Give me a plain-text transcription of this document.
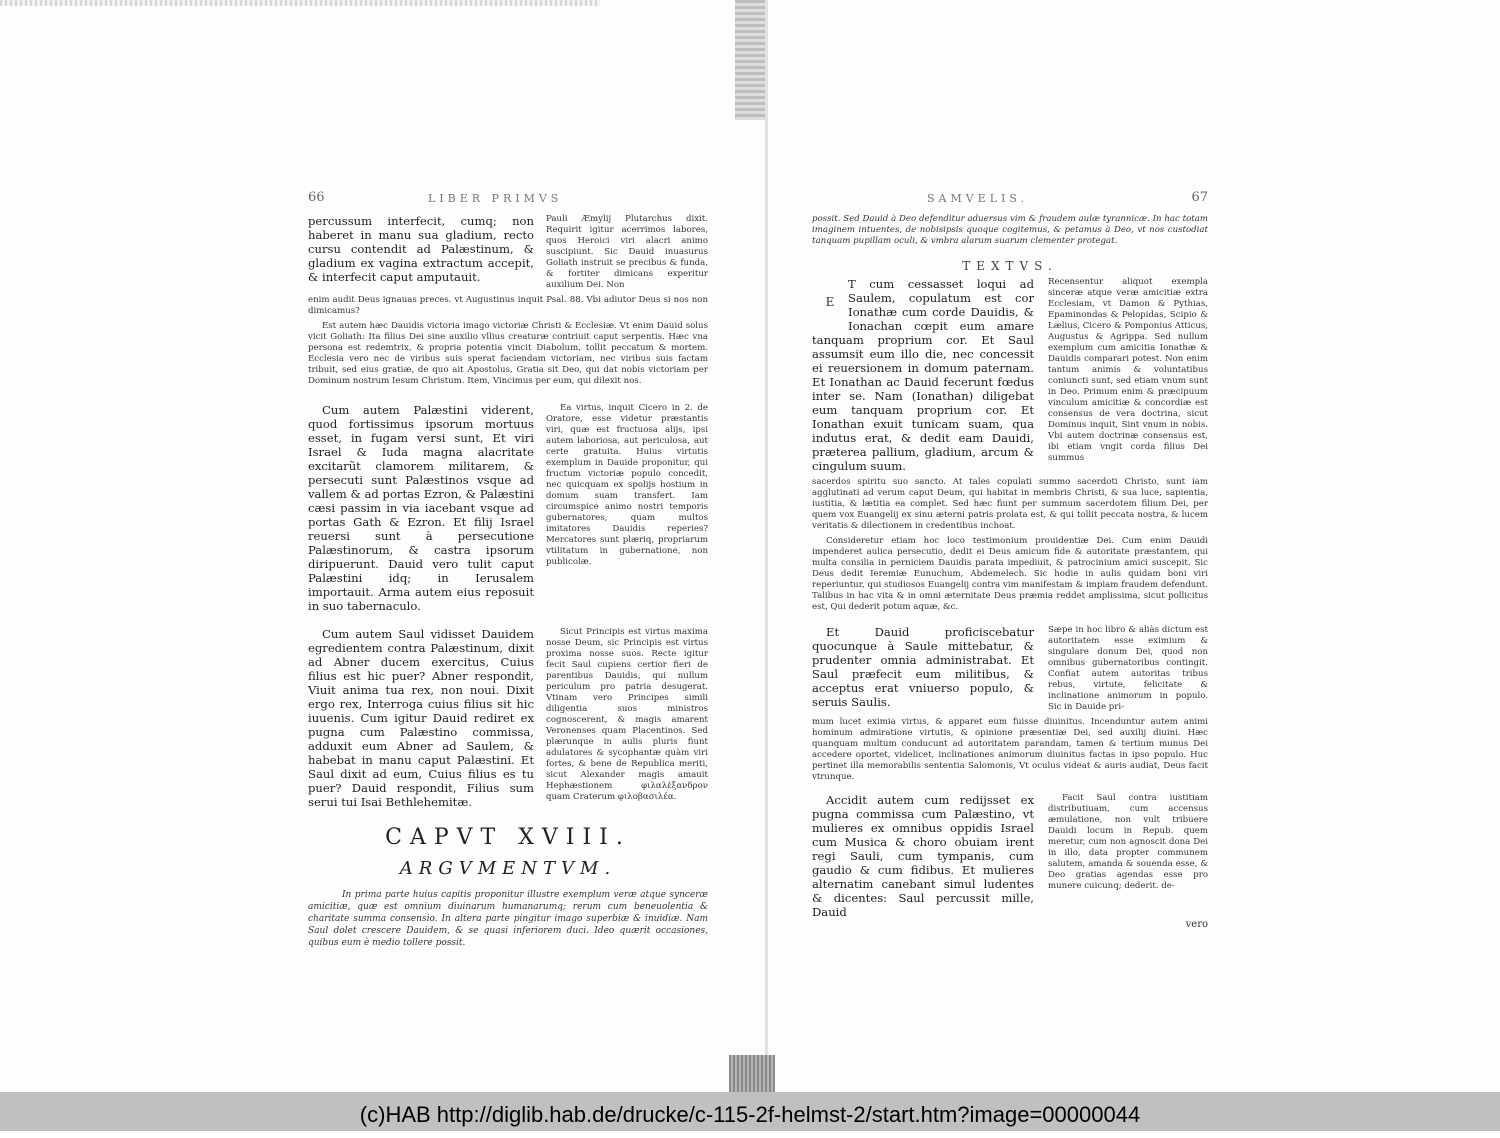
66	LIBER PRIMVS
percussum interfecit, cumq; non haberet in manu sua gladium, recto cursu contendit ad Palæstinum, & gladium ex vagina extractum accepit, & interfecit caput amputauit.
Pauli Æmylij Plutarchus dixit. Requirit igitur acerrimos labores, quos Heroici viri alacri animo suscipiunt. Sic Dauid inuasurus Goliath instruit se precibus & funda, & fortiter dimicans experitur auxilium Dei. Non
enim audit Deus ignauas preces. vt Augustinus inquit Psal. 88. Vbi adiutor Deus si nos non dimicamus?
Est autem hæc Dauidis victoria imago victoriæ Christi & Ecclesiæ. Vt enim Dauid solus vicit Goliath: Ita filius Dei sine auxilio vllius creaturæ contriuit caput serpentis. Hæc vna persona est redemtrix, & propria potentia vincit Diabolum, tollit peccatum & mortem. Ecclesia vero nec de viribus suis sperat faciendam victoriam, nec viribus suis factam tribuit, sed eius gratiæ, de quo ait Apostolus, Gratia sit Deo, qui dat nobis victoriam per Dominum nostrum Iesum Christum. Item, Vincimus per eum, qui dilexit nos.
Cum autem Palæstini viderent, quod fortissimus ipsorum mortuus esset, in fugam versi sunt, Et viri Israel & Iuda magna alacritate excitarũt clamorem militarem, & persecuti sunt Palæstinos vsque ad vallem & ad portas Ezron, & Palæstini cæsi passim in via iacebant vsque ad portas Gath & Ezron. Et filij Israel reuersi sunt à persecutione Palæstinorum, & castra ipsorum diripuerunt. Dauid vero tulit caput Palæstini idq; in Ierusalem importauit. Arma autem eius reposuit in suo tabernaculo.
Ea virtus, inquit Cicero in 2. de Oratore, esse videtur præstantis viri, quæ est fructuosa alijs, ipsi autem laboriosa, aut periculosa, aut certe gratuita. Huius virtutis exemplum in Dauide proponitur, qui fructum victoriæ populo concedit, nec quicquam ex spolijs hostium in domum suam transfert. Iam circumspice animo nostri temporis gubernatores, quam multos imitatores Dauidis reperies? Mercatores sunt plæriq, propriarum vtilitatum in gubernatione, non publicolæ.
Cum autem Saul vidisset Dauidem egredientem contra Palæstinum, dixit ad Abner ducem exercitus, Cuius filius est hic puer? Abner respondit, Viuit anima tua rex, non noui. Dixit ergo rex, Interroga cuius filius sit hic iuuenis. Cum igitur Dauid rediret ex pugna cum Palæstino commissa, adduxit eum Abner ad Saulem, & habebat in manu caput Palæstini. Et Saul dixit ad eum, Cuius filius es tu puer? Dauid respondit, Filius sum serui tui Isai Bethlehemitæ.
Sicut Principis est virtus maxima nosse Deum, sic Principis est virtus proxima nosse suos. Recte igitur fecit Saul cupiens certior fieri de parentibus Dauidis, qui nullum periculum pro patria desugerat. Vtinam vero Principes simili diligentia suos ministros cognoscerent, & magis amarent Veronenses quam Placentinos. Sed plærunque in aulis pluris fiunt adulatores & sycophantæ quàm viri fortes, & bene de Republica meriti, sicut Alexander magis amauit Hephæstionem φιλαλέξανδρον quam Craterum φιλοβασιλέα.
CAPVT XVIII.
ARGVMENTVM.
In prima parte huius capitis proponitur illustre exemplum veræ atque synceræ amicitiæ, quæ est omnium diuinarum humanarumq; rerum cum beneuolentia & charitate summa consensio. In altera parte pingitur imago superbiæ & inuidiæ. Nam Saul dolet crescere Dauidem, & se quasi inferiorem duci. Ideo quærit occasiones, quibus eum è medio tollere possit.
SAMVELIS.	67
possit. Sed Dauid à Deo defenditur aduersus vim & fraudem aulæ tyrannicæ. In hac totam imaginem intuentes, de nobisipsis quoque cogitemus, & petamus à Deo, vt nos custodiat tanquam pupillam oculi, & vmbra alarum suarum clementer protegat.
TEXTVS.
E
T cum cessasset loqui ad Saulem, copulatum est cor Ionathæ cum corde Dauidis, & Ionachan cœpit eum amare tanquam proprium cor. Et Saul assumsit eum illo die, nec concessit ei reuersionem in domum paternam. Et Ionathan ac Dauid fecerunt fœdus inter se. Nam (Ionathan) diligebat eum tanquam proprium cor. Et Ionathan exuit tunicam suam, qua indutus erat, & dedit eam Dauidi, præterea pallium, gladium, arcum & cingulum suum.
Recensentur aliquot exempla sinceræ atque veræ amicitiæ extra Ecclesiam, vt Damon & Pythias, Epaminondas & Pelopidas, Scipio & Lælius, Cicero & Pomponius Atticus, Augustus & Agrippa. Sed nullum exemplum cum amicitia Ionathæ & Dauidis comparari potest. Non enim tantum animis & voluntatibus coniuncti sunt, sed etiam vnum sunt in Deo. Primum enim & præcipuum vinculum amicitiæ & concordiæ est consensus de vera doctrina, sicut Dominus inquit, Sint vnum in nobis. Vbi autem doctrinæ consensus est, ibi etiam vngit corda filius Dei summus
sacerdos spiritu suo sancto. At tales copulati summo sacerdoti Christo, sunt iam agglutinati ad verum caput Deum, qui habitat in membris Christi, & sua luce, sapientia, iustitia, & lætitia ea complet. Sed hæc fiunt per summum sacerdotem filium Dei, per quem vox Euangelij ex sinu æterni patris prolata est, & qui tollit peccata nostra, & lucem veritatis & dilectionem in credentibus inchoat.
Consideretur etiam hoc loco testimonium prouidentiæ Dei. Cum enim Dauidi impenderet aulica persecutio, dedit ei Deus amicum fide & autoritate præstantem, qui multa consilia in perniciem Dauidis parata impediuit, & patrocinium amici suscepit. Sic Deus dedit Ieremiæ Eunuchum, Abdemelech. Sic hodie in aulis quidam boni viri reperiuntur, qui studiosos Euangelij contra vim manifestam & impiam fraudem defendunt. Talibus in hac vita & in omni æternitate Deus præmia reddet amplissima, sicut pollicitus est, Qui dederit potum aquæ, &c.
Et Dauid proficiscebatur quocunque à Saule mittebatur, & prudenter omnia administrabat. Et Saul præfecit eum militibus, & acceptus erat vniuerso populo, & seruis Saulis.
Sæpe in hoc libro & aliàs dictum est autoritatem esse eximium & singulare donum Dei, quod non omnibus gubernatoribus contingit. Confiat autem autoritas tribus rebus, virtute, felicitate & inclinatione animorum in populo. Sic in Dauide pri-
mum lucet eximia virtus, & apparet eum fuisse diuinitus. Incenduntur autem animi hominum admiratione virtutis, & opinione præsentiæ Dei, sed auxilij diuini. Hæc quanquam multum conducunt ad autoritatem parandam, tamen & tertium munus Dei accedere oportet, videlicet, inclinationes animorum diuinitus factas in ipso populo. Huc pertinet illa memorabilis sententia Salomonis, Vt oculus videat & auris audiat, Deus facit vtrunque.
Accidit autem cum redijsset ex pugna commissa cum Palæstino, vt mulieres ex omnibus oppidis Israel cum Musica & choro obuiam irent regi Sauli, cum tympanis, cum gaudio & cum fidibus. Et mulieres alternatim canebant simul ludentes & dicentes: Saul percussit mille, Dauid
Facit Saul contra iustitiam distributiuam, cum accensus æmulatione, non vult tribuere Dauidi locum in Repub. quem meretur, cum non agnoscit dona Dei in illo, data propter communem salutem, amanda & souenda esse, & Deo gratias agendas esse pro munere cuicunq; dederit. de-
vero
(c)HAB http://diglib.hab.de/drucke/c-115-2f-helmst-2/start.htm?image=00000044
